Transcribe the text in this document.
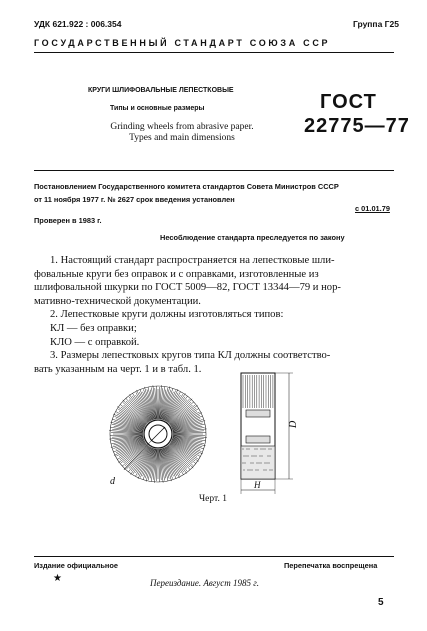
УДК 621.922 : 006.354	Группа Г25
ГОСУДАРСТВЕННЫЙ СТАНДАРТ СОЮЗА ССР
КРУГИ ШЛИФОВАЛЬНЫЕ ЛЕПЕСТКОВЫЕ
Типы и основные размеры
Grinding wheels from abrasive paper.
Types and main dimensions
ГОСТ
22775—77
Постановлением Государственного комитета стандартов Совета Министров СССР
от 11 ноября 1977 г. № 2627 срок введения установлен
с 01.01.79
Проверен в 1983 г.
Несоблюдение стандарта преследуется по закону

1. Настоящий стандарт распространяется на лепестковые шли-

фовальные круги без оправок и с оправками, изготовленные из

шлифовальной шкурки по ГОСТ 5009—82, ГОСТ 13344—79 и нор-

мативно-технической документации.

2. Лепестковые круги должны изготовляться типов:

КЛ — без оправки;

КЛО — с оправкой.

3. Размеры лепестковых кругов типа КЛ должны соответство-

вать указанным на черт. 1 и в табл. 1.

d
D
H
Черт. 1
Издание официальное	Перепечатка воспрещена
★	Переиздание. Август 1985 г.
5
